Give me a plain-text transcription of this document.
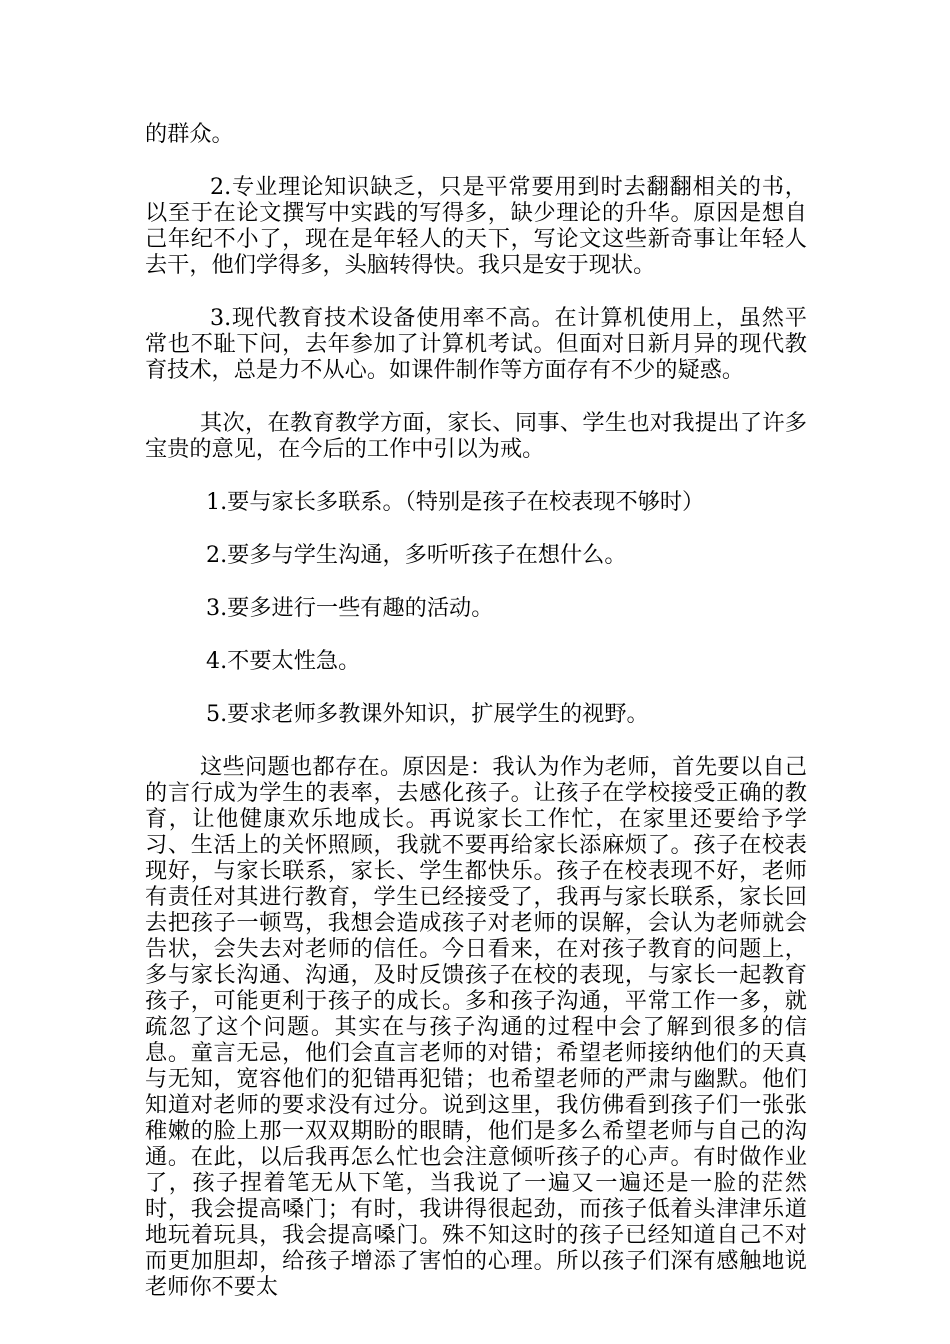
的群众。

2.专业理论知识缺乏，只是平常要用到时去翻翻相关的书，以至于在论文撰写中实践的写得多，缺少理论的升华。原因是想自己年纪不小了，现在是年轻人的天下，写论文这些新奇事让年轻人去干，他们学得多，头脑转得快。我只是安于现状。

3.现代教育技术设备使用率不高。在计算机使用上，虽然平常也不耻下问，去年参加了计算机考试。但面对日新月异的现代教育技术，总是力不从心。如课件制作等方面存有不少的疑惑。

其次，在教育教学方面，家长、同事、学生也对我提出了许多宝贵的意见，在今后的工作中引以为戒。

1.要与家长多联系。（特别是孩子在校表现不够时）

2.要多与学生沟通，多听听孩子在想什么。

3.要多进行一些有趣的活动。

4.不要太性急。

5.要求老师多教课外知识，扩展学生的视野。

这些问题也都存在。原因是：我认为作为老师，首先要以自己的言行成为学生的表率，去感化孩子。让孩子在学校接受正确的教育，让他健康欢乐地成长。再说家长工作忙，在家里还要给予学习、生活上的关怀照顾，我就不要再给家长添麻烦了。孩子在校表现好，与家长联系，家长、学生都快乐。孩子在校表现不好，老师有责任对其进行教育，学生已经接受了，我再与家长联系，家长回去把孩子一顿骂，我想会造成孩子对老师的误解，会认为老师就会告状，会失去对老师的信任。今日看来，在对孩子教育的问题上，多与家长沟通、沟通，及时反馈孩子在校的表现，与家长一起教育孩子，可能更利于孩子的成长。多和孩子沟通，平常工作一多，就疏忽了这个问题。其实在与孩子沟通的过程中会了解到很多的信息。童言无忌，他们会直言老师的对错；希望老师接纳他们的天真与无知，宽容他们的犯错再犯错；也希望老师的严肃与幽默。他们知道对老师的要求没有过分。说到这里，我仿佛看到孩子们一张张稚嫩的脸上那一双双期盼的眼睛，他们是多么希望老师与自己的沟通。在此，以后我再怎么忙也会注意倾听孩子的心声。有时做作业了，孩子捏着笔无从下笔，当我说了一遍又一遍还是一脸的茫然时，我会提高嗓门；有时，我讲得很起劲，而孩子低着头津津乐道地玩着玩具，我会提高嗓门。殊不知这时的孩子已经知道自己不对而更加胆却，给孩子增添了害怕的心理。所以孩子们深有感触地说老师你不要太
